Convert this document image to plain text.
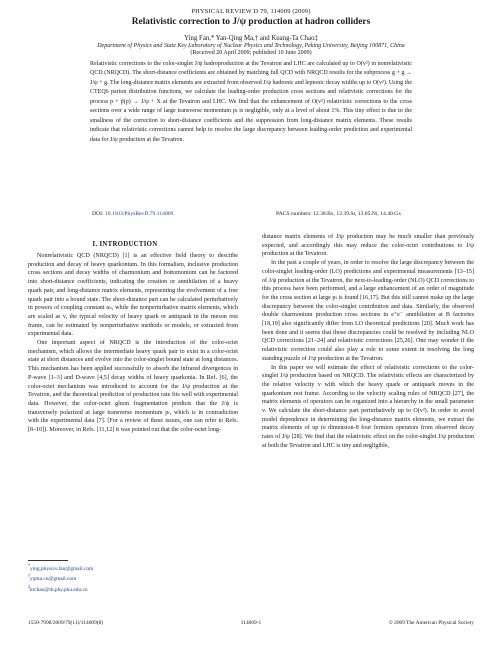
PHYSICAL REVIEW D 79, 114009 (2009)
Relativistic correction to J/ψ production at hadron colliders
Ying Fan,* Yan-Qing Ma,† and Kuang-Ta Chao‡
Department of Physics and State Key Laboratory of Nuclear Physics and Technology, Peking University, Beijing 100871, China
(Received 20 April 2009; published 10 June 2009)
Relativistic corrections to the color-singlet J/ψ hadroproduction at the Tevatron and LHC are calculated up to O(v²) in nonrelativistic QCD (NRQCD). The short-distance coefficients are obtained by matching full QCD with NRQCD results for the subprocess g + g → J/ψ + g. The long-distance matrix elements are extracted from observed J/ψ hadronic and leptonic decay widths up to O(v²). Using the CTEQ6 parton distribution functions, we calculate the leading-order production cross sections and relativistic corrections for the process p + p̄(p) → J/ψ + X at the Tevatron and LHC. We find that the enhancement of O(v²) relativistic corrections to the cross sections over a wide range of large transverse momentum pₜ is negligible, only at a level of about 1%. This tiny effect is due to the smallness of the correction to short-distance coefficients and the suppression from long-distance matrix elements. These results indicate that relativistic corrections cannot help to resolve the large discrepancy between leading-order prediction and experimental data for J/ψ production at the Tevatron.
DOI: 10.1103/PhysRevD.79.114009	PACS numbers: 12.38.Bx, 12.39.St, 13.85.Ni, 14.40.Gx
I. INTRODUCTION

Nonrelativistic QCD (NRQCD) [1] is an effective field theory to describe production and decay of heavy quarkonium. In this formalism, inclusive production cross sections and decay widths of charmonium and bottomonium can be factored into short-distance coefficients, indicating the creation or annihilation of a heavy quark pair, and long-distance matrix elements, representing the evolvement of a free quark pair into a bound state. The short-distance part can be calculated perturbatively in powers of coupling constant αₛ, while the nonperturbative matrix elements, which are scaled as v, the typical velocity of heavy quark or antiquark in the meson rest frame, can be estimated by nonperturbative methods or models, or extracted from experimental data.

One important aspect of NRQCD is the introduction of the color-octet mechanism, which allows the intermediate heavy quark pair to exist in a color-octet state at short distances and evolve into the color-singlet bound state at long distances. This mechanism has been applied successfully to absorb the infrared divergences in P-wave [1–3] and D-wave [4,5] decay widths of heavy quarkonia. In Ref. [6], the color-octet mechanism was introduced to account for the J/ψ production at the Tevatron, and the theoretical prediction of production rate fits well with experimental data. However, the color-octet gluon fragmentation predicts that the J/ψ is transversely polarized at large transverse momentum pₜ, which is in contradiction with the experimental data [7]. [For a review of these issues, one can refer to Refs. [8–10]). Moreover, in Refs. [11,12] it was pointed out that the color-octet long-

distance matrix elements of J/ψ production may be much smaller than previously expected, and accordingly this may reduce the color-octet contributions to J/ψ production at the Tevatron.

In the past a couple of years, in order to resolve the large discrepancy between the color-singlet leading-order (LO) predictions and experimental measurements [13–15] of J/ψ production at the Tevatron, the next-to-leading-order (NLO) QCD corrections to this process have been performed, and a large enhancement of an order of magnitude for the cross section at large pₜ is found [16,17]. But this still cannot make up the large discrepancy between the color-singlet contribution and data. Similarly, the observed double charmonium production cross sections in e⁺e⁻ annihilation at B factories [18,19] also significantly differ from LO theoretical predictions [20]. Much work has been done and it seems that those discrepancies could be resolved by including NLO QCD corrections [21–24] and relativistic corrections [25,26]. One may wonder if the relativistic correction could also play a role to some extent in resolving the long standing puzzle of J/ψ production at the Tevatron.

In this paper we will estimate the effect of relativistic corrections to the color-singlet J/ψ production based on NRQCD. The relativistic effects are characterized by the relative velocity v with which the heavy quark or antiquark moves in the quarkonium rest frame. According to the velocity scaling rules of NRQCD [27], the matrix elements of operators can be organized into a hierarchy in the small parameter v. We calculate the short-distance part perturbatively up to O(v²). In order to avoid model dependence in determining the long-distance matrix elements, we extract the matrix elements of up to dimension-8 four fermion operators from observed decay rates of J/ψ [28]. We find that the relativistic effect on the color-singlet J/ψ production at both the Tevatron and LHC is tiny and negligible,

*ying.physics.fan@gmail.com
†yqma.cn@gmail.com
‡ktchao@th.phy.pku.edu.cn
1550-7998/2009/79(11)/114009(8)	114009-1	© 2009 The American Physical Society
